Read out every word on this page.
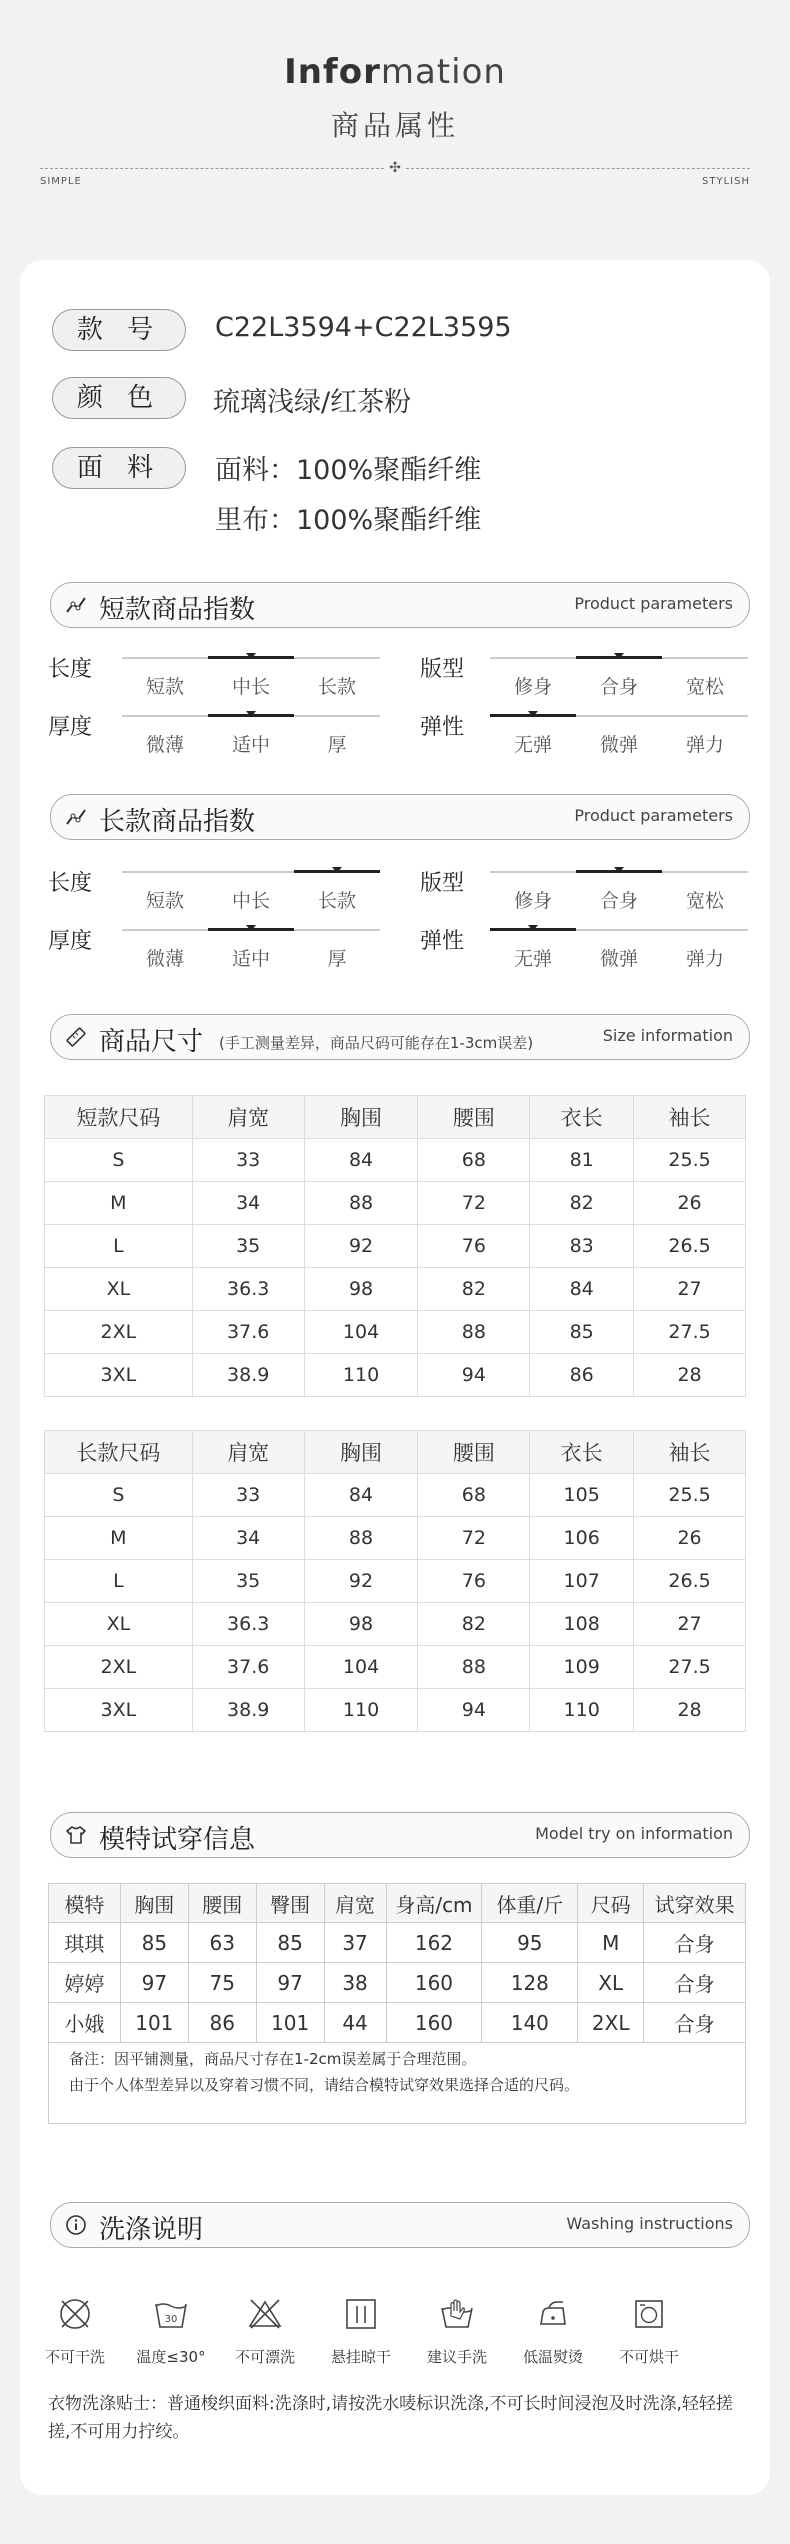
Information
商品属性
✣
SIMPLE	STYLISH
款 号	C22L3594+C22L3595
颜 色	琉璃浅绿/红茶粉
面 料	面料：100%聚酯纤维
里布：100%聚酯纤维
短款商品指数	Product parameters
长度
短款	中长	长款
版型
修身	合身	宽松
厚度
微薄	适中	厚
弹性
无弹	微弹	弹力
长款商品指数	Product parameters
长度
短款	中长	长款
版型
修身	合身	宽松
厚度
微薄	适中	厚
弹性
无弹	微弹	弹力
商品尺寸 (手工测量差异，商品尺码可能存在1-3cm误差)	Size information
短款尺码	肩宽	胸围	腰围	衣长	袖长
S	33	84	68	81	25.5
M	34	88	72	82	26
L	35	92	76	83	26.5
XL	36.3	98	82	84	27
2XL	37.6	104	88	85	27.5
3XL	38.9	110	94	86	28
长款尺码	肩宽	胸围	腰围	衣长	袖长
S	33	84	68	105	25.5
M	34	88	72	106	26
L	35	92	76	107	26.5
XL	36.3	98	82	108	27
2XL	37.6	104	88	109	27.5
3XL	38.9	110	94	110	28
模特试穿信息	Model try on information
模特	胸围	腰围	臀围	肩宽	身高/cm	体重/斤	尺码	试穿效果
琪琪	85	63	85	37	162	95	M	合身
婷婷	97	75	97	38	160	128	XL	合身
小娥	101	86	101	44	160	140	2XL	合身
备注：因平铺测量，商品尺寸存在1-2cm误差属于合理范围。
由于个人体型差异以及穿着习惯不同，请结合模特试穿效果选择合适的尺码。
洗涤说明	Washing instructions
不可干洗
30
温度≤30°	不可漂洗	悬挂晾干	建议手洗	低温熨烫	不可烘干
衣物洗涤贴士：普通梭织面料:洗涤时,请按洗水唛标识洗涤,不可长时间浸泡及时洗涤,轻轻搓搓,不可用力拧绞。
